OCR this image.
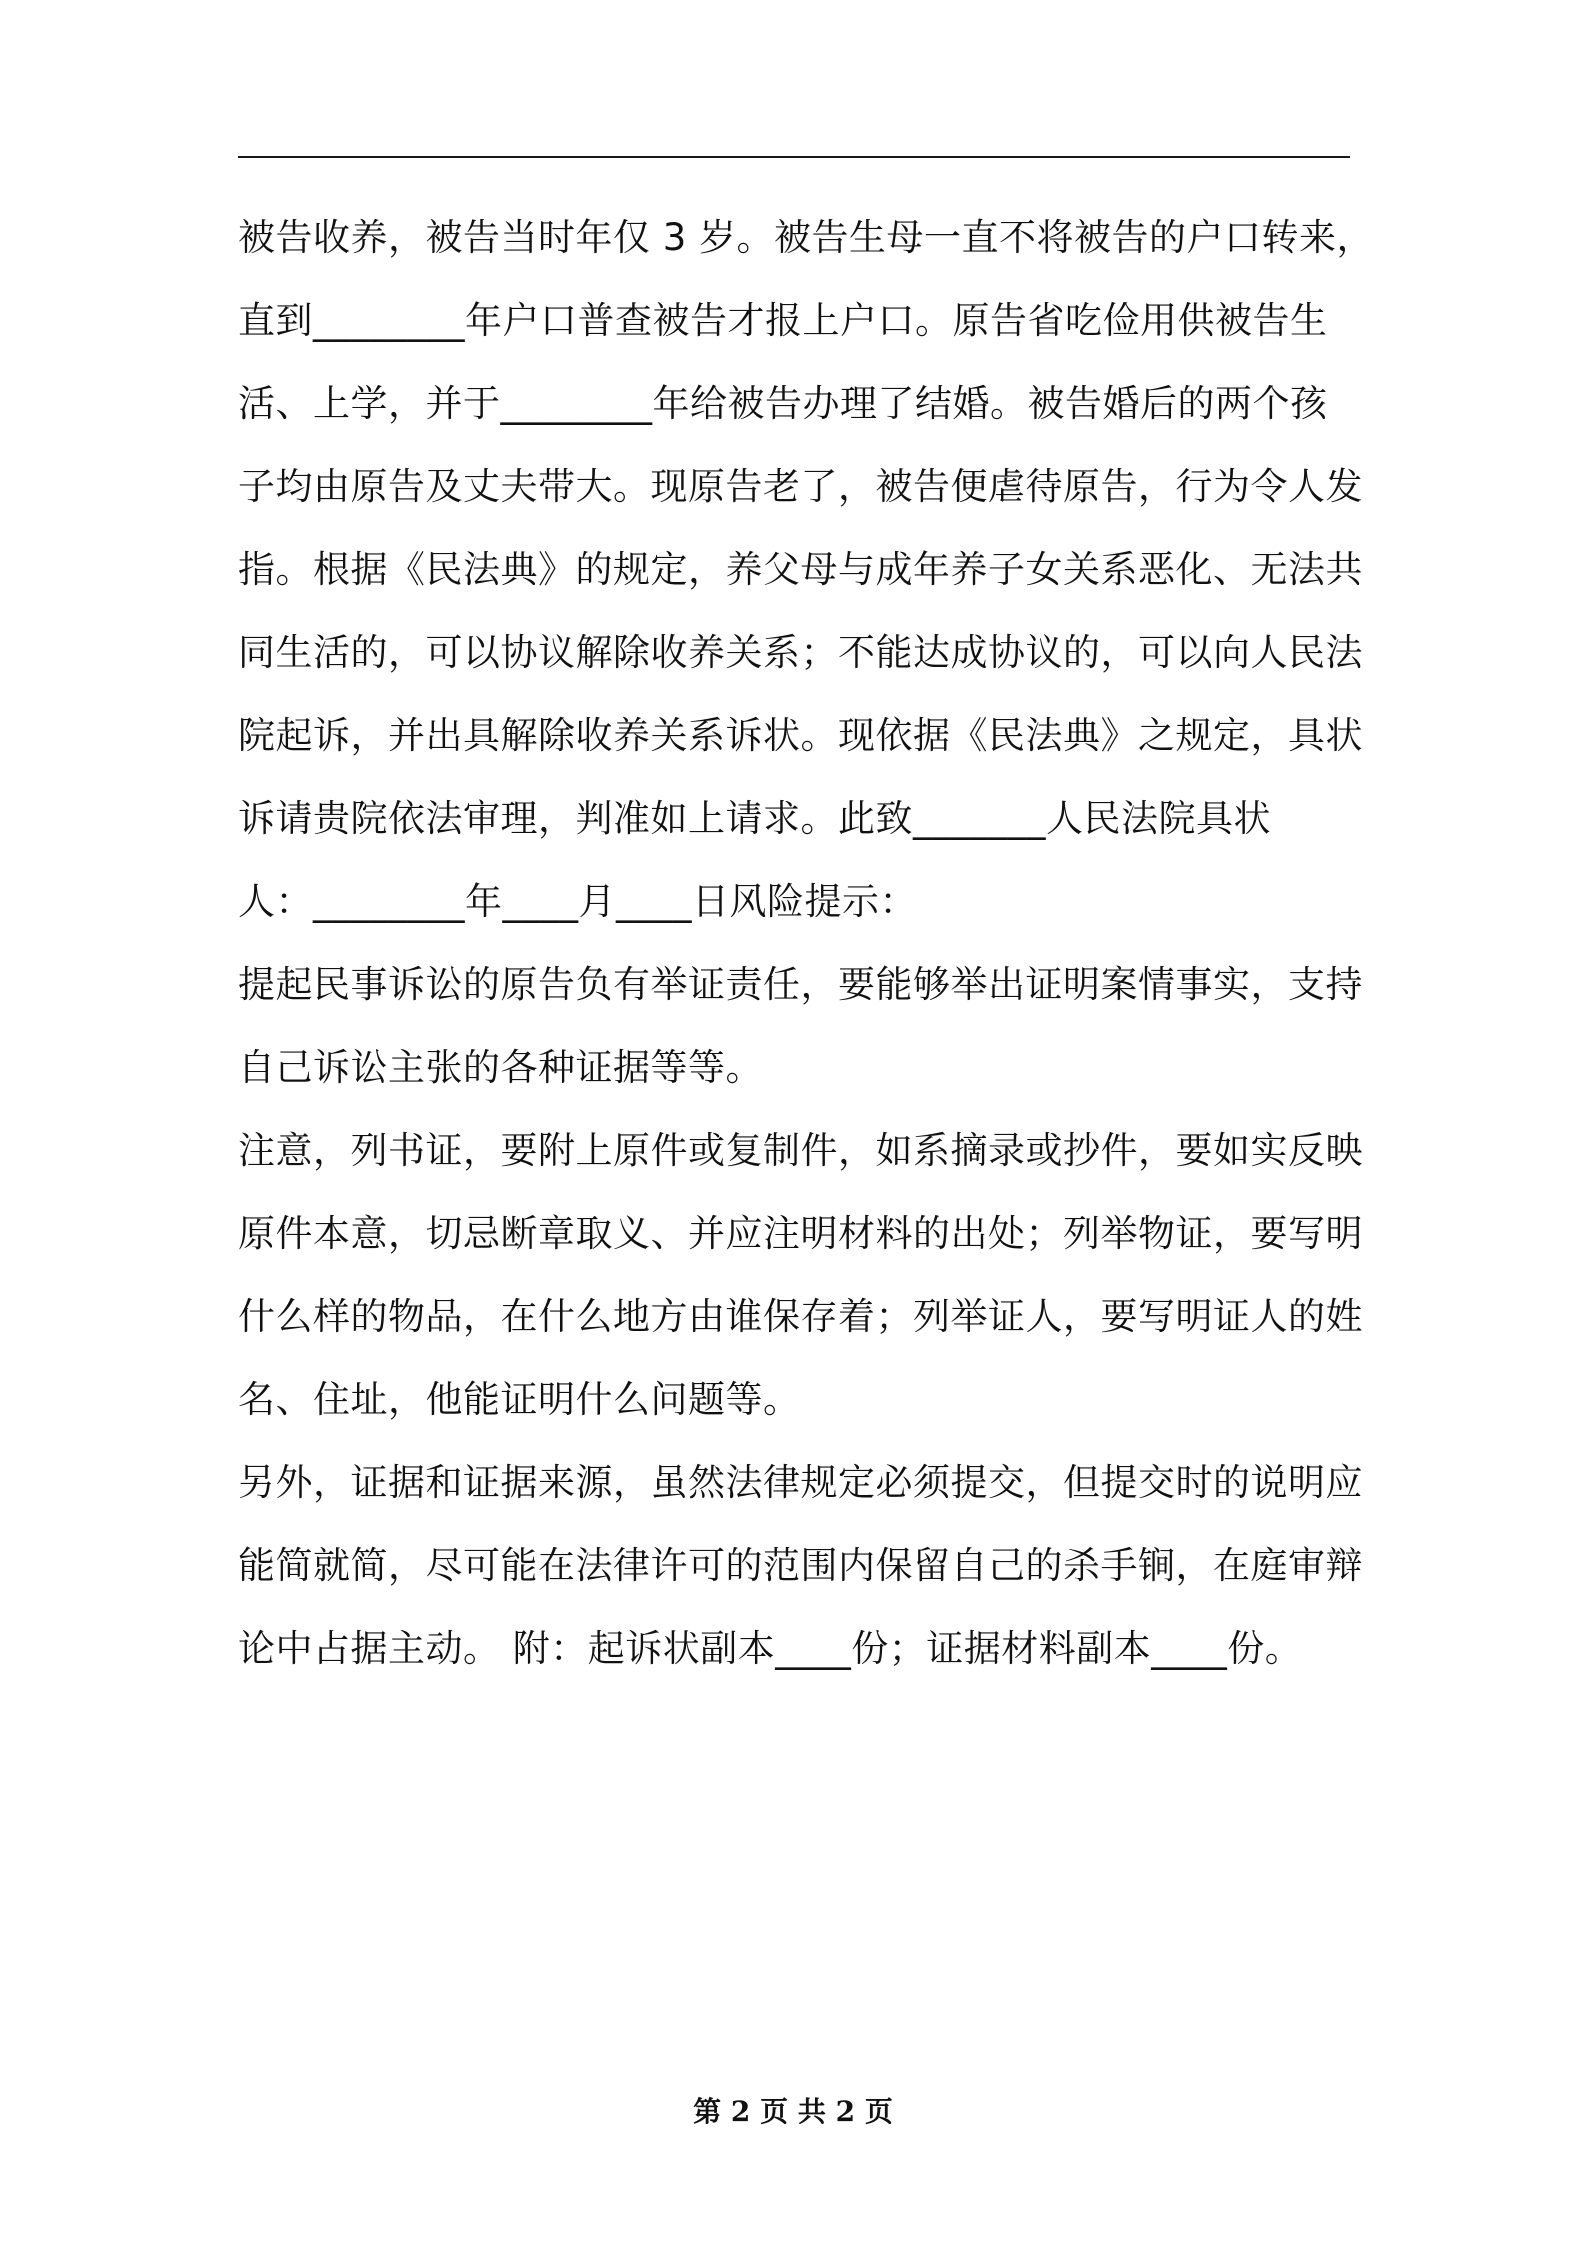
被告收养，被告当时年仅 3 岁。被告生母一直不将被告的户口转来，
直到________年户口普查被告才报上户口。原告省吃俭用供被告生
活、上学，并于________年给被告办理了结婚。被告婚后的两个孩
子均由原告及丈夫带大。现原告老了，被告便虐待原告，行为令人发
指。根据《民法典》的规定，养父母与成年养子女关系恶化、无法共
同生活的，可以协议解除收养关系；不能达成协议的，可以向人民法
院起诉，并出具解除收养关系诉状。现依据《民法典》之规定，具状
诉请贵院依法审理，判准如上请求。此致_______人民法院具状
人：________年____月____日风险提示：
提起民事诉讼的原告负有举证责任，要能够举出证明案情事实，支持
自己诉讼主张的各种证据等等。
注意，列书证，要附上原件或复制件，如系摘录或抄件，要如实反映
原件本意，切忌断章取义、并应注明材料的出处；列举物证，要写明
什么样的物品，在什么地方由谁保存着；列举证人，要写明证人的姓
名、住址，他能证明什么问题等。
另外，证据和证据来源，虽然法律规定必须提交，但提交时的说明应
能简就简，尽可能在法律许可的范围内保留自己的杀手锏，在庭审辩
论中占据主动。 附：起诉状副本____份；证据材料副本____份。
第 2 页 共 2 页
